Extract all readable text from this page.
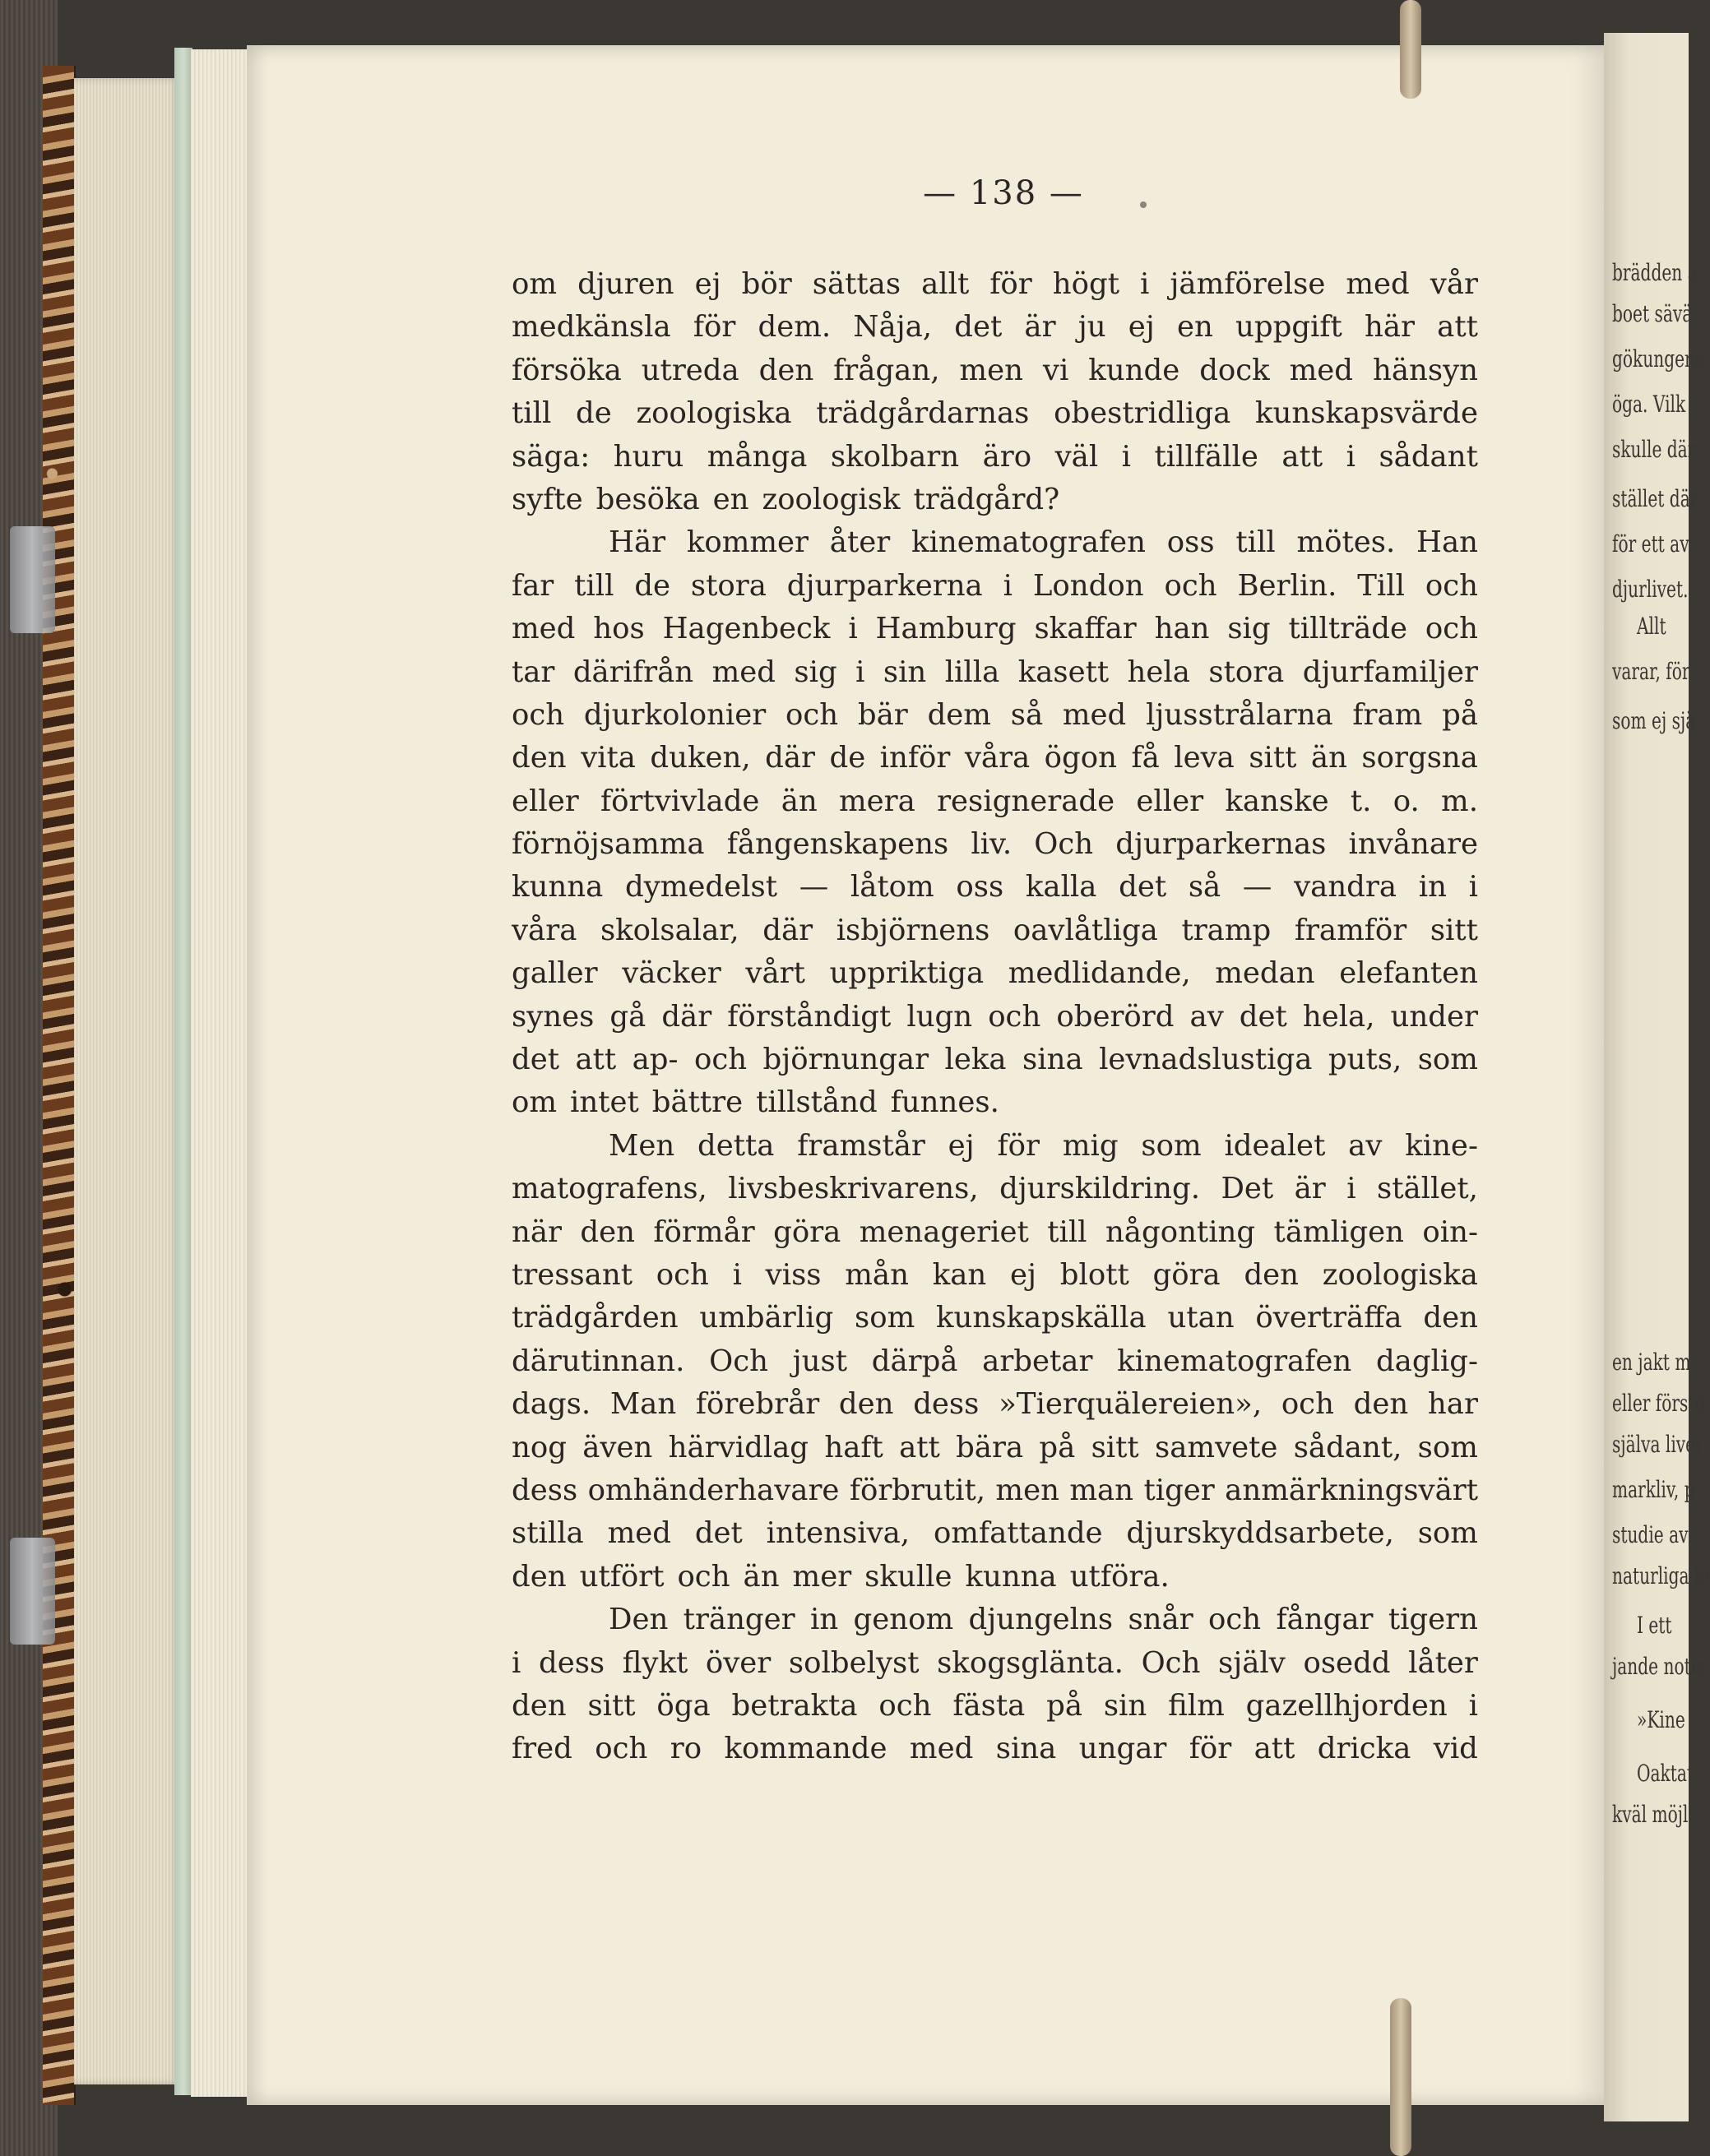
brädden a
boet sävä
gökungens
öga. Vilk
skulle där
stället där
för ett av
djurlivet.
Allt
varar, för
som ej sjä
en jakt m
eller förstö
själva livet
markliv, p
studie av
naturliga le
I ett
jande notis:
»Kine
Oaktat
kväl möjli
— 138 —
om djuren ej bör sättas allt för högt i jämförelse med vår
medkänsla för dem. Nåja, det är ju ej en uppgift här att
försöka utreda den frågan, men vi kunde dock med hänsyn
till de zoologiska trädgårdarnas obestridliga kunskapsvärde
säga: huru många skolbarn äro väl i tillfälle att i sådant
syfte besöka en zoologisk trädgård?
Här kommer åter kinematografen oss till mötes. Han
far till de stora djurparkerna i London och Berlin. Till och
med hos Hagenbeck i Hamburg skaffar han sig tillträde och
tar därifrån med sig i sin lilla kasett hela stora djurfamiljer
och djurkolonier och bär dem så med ljusstrålarna fram på
den vita duken, där de inför våra ögon få leva sitt än sorgsna
eller förtvivlade än mera resignerade eller kanske t. o. m.
förnöjsamma fångenskapens liv. Och djurparkernas invånare
kunna dymedelst — låtom oss kalla det så — vandra in i
våra skolsalar, där isbjörnens oavlåtliga tramp framför sitt
galler väcker vårt uppriktiga medlidande, medan elefanten
synes gå där förståndigt lugn och oberörd av det hela, under
det att ap- och björnungar leka sina levnadslustiga puts, som
om intet bättre tillstånd funnes.
Men detta framstår ej för mig som idealet av kine-
matografens, livsbeskrivarens, djurskildring. Det är i stället,
när den förmår göra menageriet till någonting tämligen oin-
tressant och i viss mån kan ej blott göra den zoologiska
trädgården umbärlig som kunskapskälla utan överträffa den
därutinnan. Och just därpå arbetar kinematografen daglig-
dags. Man förebrår den dess »Tierquälereien», och den har
nog även härvidlag haft att bära på sitt samvete sådant, som
dess omhänderhavare förbrutit, men man tiger anmärkningsvärt
stilla med det intensiva, omfattande djurskyddsarbete, som
den utfört och än mer skulle kunna utföra.
Den tränger in genom djungelns snår och fångar tigern
i dess flykt över solbelyst skogsglänta. Och själv osedd låter
den sitt öga betrakta och fästa på sin film gazellhjorden i
fred och ro kommande med sina ungar för att dricka vid
